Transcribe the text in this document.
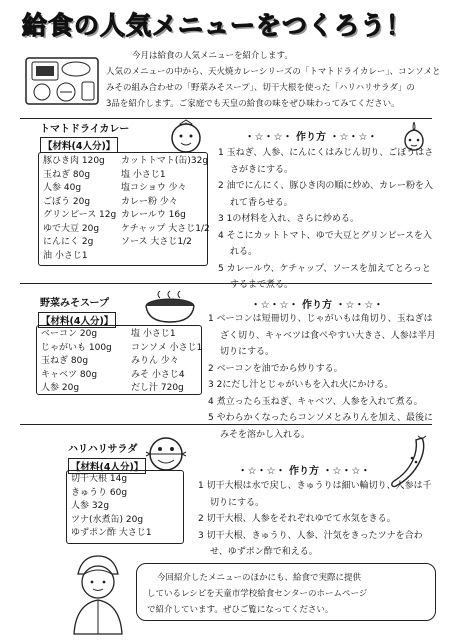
給食の人気メニューをつくろう！

今月は給食の人気メニューを紹介します。

人気のメニューの中から、天火焼カレーシリーズの「トマトドライカレー」、コンソメと

みその組み合わせの「野菜みそスープ」、切干大根を使った「ハリハリサラダ」の

3品を紹介します。ご家庭でも天皇の給食の味をぜひ味わってみてください。

トマトドライカレー
【材料(4人分)】
豚ひき肉 120g	カットトマト(缶)32g
玉ねぎ 80g	塩 小さじ1
人参 40g	塩コショウ 少々
ごぼう 20g	カレー粉 少々
グリンピース 12g カレールウ 16g
ゆで大豆 20g	ケチャップ 大さじ1/2
にんにく 2g	ソース 大さじ1/2
油 小さじ1
・☆・☆・ 作り方 ・☆・☆・
1 玉ねぎ、人参、にんにくはみじん切り、ごぼうはささがきにする。
2 油でにんにく、豚ひき肉の順に炒め、カレー粉を入れて香らせる。
3 1の材料を入れ、さらに炒める。
4 そこにカットトマト、ゆで大豆とグリンピースを入れる。
5 カレールウ、ケチャップ、ソースを加えてとろっとするまで煮る。
野菜みそスープ
【材料(4人分)】
ベーコン 20g	塩 小さじ1
じゃがいも 100g	コンソメ 小さじ1
玉ねぎ 80g	みりん 少々
キャベツ 80g	みそ 小さじ4
人参 20g	だし汁 720g
・☆・☆・ 作り方 ・☆・☆・
1 ベーコンは短冊切り、じゃがいもは角切り、玉ねぎはざく切り、キャベツは食べやすい大きさ、人参は半月切りにする。
2 ベーコンを油でから炒りする。
3 2にだし汁とじゃがいもを入れ火にかける。
4 煮立ったら玉ねぎ、キャベツ、人参を入れて煮る。
5 やわらかくなったらコンソメとみりんを加え、最後にみそを溶かし入れる。
ハリハリサラダ
【材料(4人分)】
切干大根 14g
きゅうり 60g
人参 32g
ツナ(水煮缶) 20g
ゆずポン酢 大さじ1
・☆・☆・ 作り方 ・☆・☆・
1 切干大根は水で戻し、きゅうりは細い輪切り、人参は千切りにする。
2 切干大根、人参をそれぞれゆでて水気をきる。
3 切干大根、きゅうり、人参、汁気をきったツナを合わせ、ゆずポン酢で和える。

今回紹介したメニューのほかにも、給食で実際に提供

しているレシピを天童市学校給食センターのホームページ

で紹介しています。ぜひご覧になってください。
